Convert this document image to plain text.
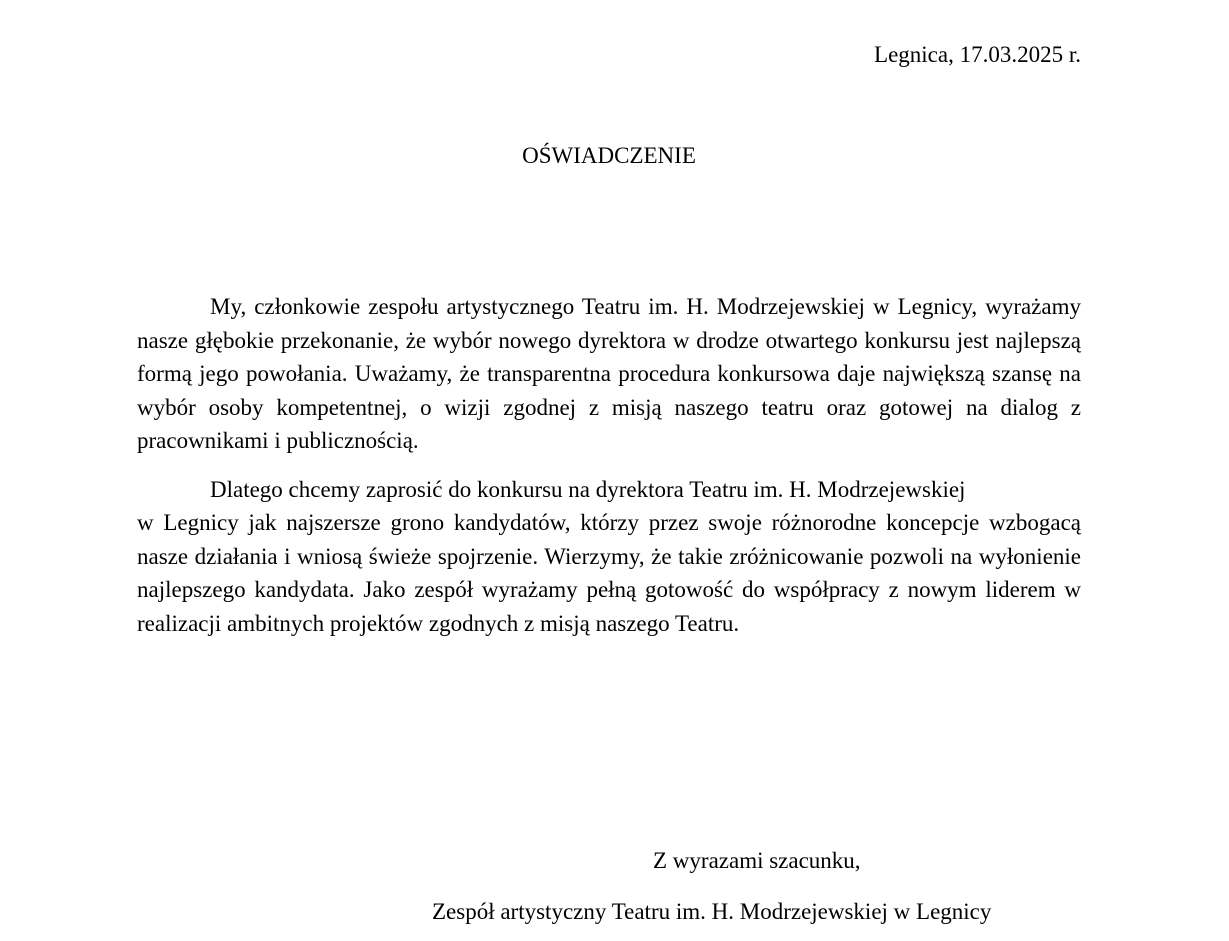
Legnica, 17.03.2025 r.
OŚWIADCZENIE

My, członkowie zespołu artystycznego Teatru im. H. Modrzejewskiej w Legnicy, wyrażamy nasze głębokie przekonanie, że wybór nowego dyrektora w drodze otwartego konkursu jest najlepszą formą jego powołania. Uważamy, że transparentna procedura konkursowa daje największą szansę na wybór osoby kompetentnej, o wizji zgodnej z misją naszego teatru oraz gotowej na dialog z pracownikami i publicznością.

Dlatego chcemy zaprosić do konkursu na dyrektora Teatru im. H. Modrzejewskiej
w Legnicy jak najszersze grono kandydatów, którzy przez swoje różnorodne koncepcje wzbogacą nasze działania i wniosą świeże spojrzenie. Wierzymy, że takie zróżnicowanie pozwoli na wyłonienie najlepszego kandydata. Jako zespół wyrażamy pełną gotowość do współpracy z nowym liderem w realizacji ambitnych projektów zgodnych z misją naszego Teatru.
Z wyrazami szacunku,
Zespół artystyczny Teatru im. H. Modrzejewskiej w Legnicy
